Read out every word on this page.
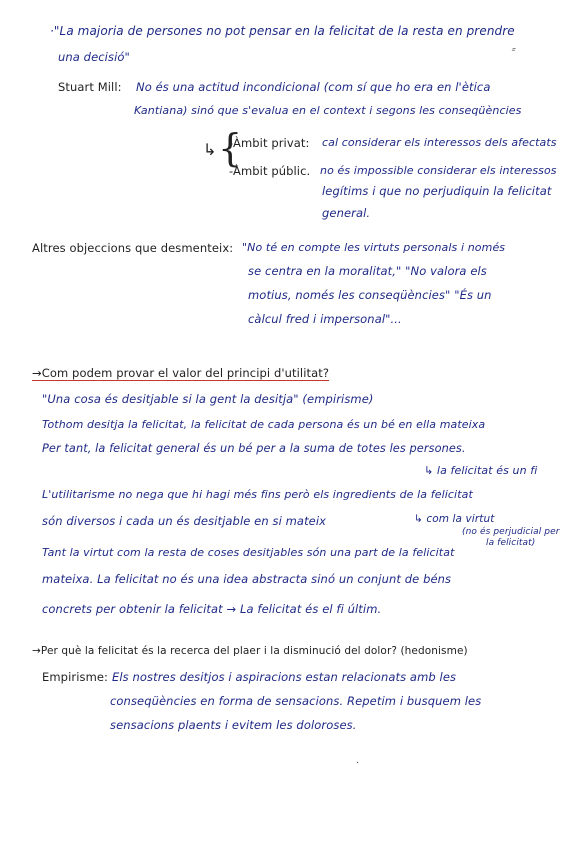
·"La majoria de persones no pot pensar en la felicitat de la resta en prendre
una decisió"
⸗
Stuart Mill: No és una actitud incondicional (com sí que ho era en l'ètica
Kantiana) sinó que s'evalua en el context i segons les conseqüències
↳ {
-Àmbit privat: cal considerar els interessos dels afectats
-Àmbit públic. no és impossible considerar els interessos
legítims i que no perjudiquin la felicitat
general.
Altres objeccions que desmenteix: "No té en compte les virtuts personals i només
se centra en la moralitat," "No valora els
motius, només les conseqüències" "És un
càlcul fred i impersonal"...
→Com podem provar el valor del principi d'utilitat?
"Una cosa és desitjable si la gent la desitja" (empirisme)
Tothom desitja la felicitat, la felicitat de cada persona és un bé en ella mateixa
Per tant, la felicitat general és un bé per a la suma de totes les persones.
↳ la felicitat és un fi
L'utilitarisme no nega que hi hagi més fins però els ingredients de la felicitat
són diversos i cada un és desitjable en si mateix	↳ com la virtut
(no és perjudicial per
la felicitat)
Tant la virtut com la resta de coses desitjables són una part de la felicitat
mateixa. La felicitat no és una idea abstracta sinó un conjunt de béns
concrets per obtenir la felicitat → La felicitat és el fi últim.
→Per què la felicitat és la recerca del plaer i la disminució del dolor? (hedonisme)
Empirisme: Els nostres desitjos i aspiracions estan relacionats amb les
conseqüències en forma de sensacions. Repetim i busquem les
sensacions plaents i evitem les doloroses.
·
